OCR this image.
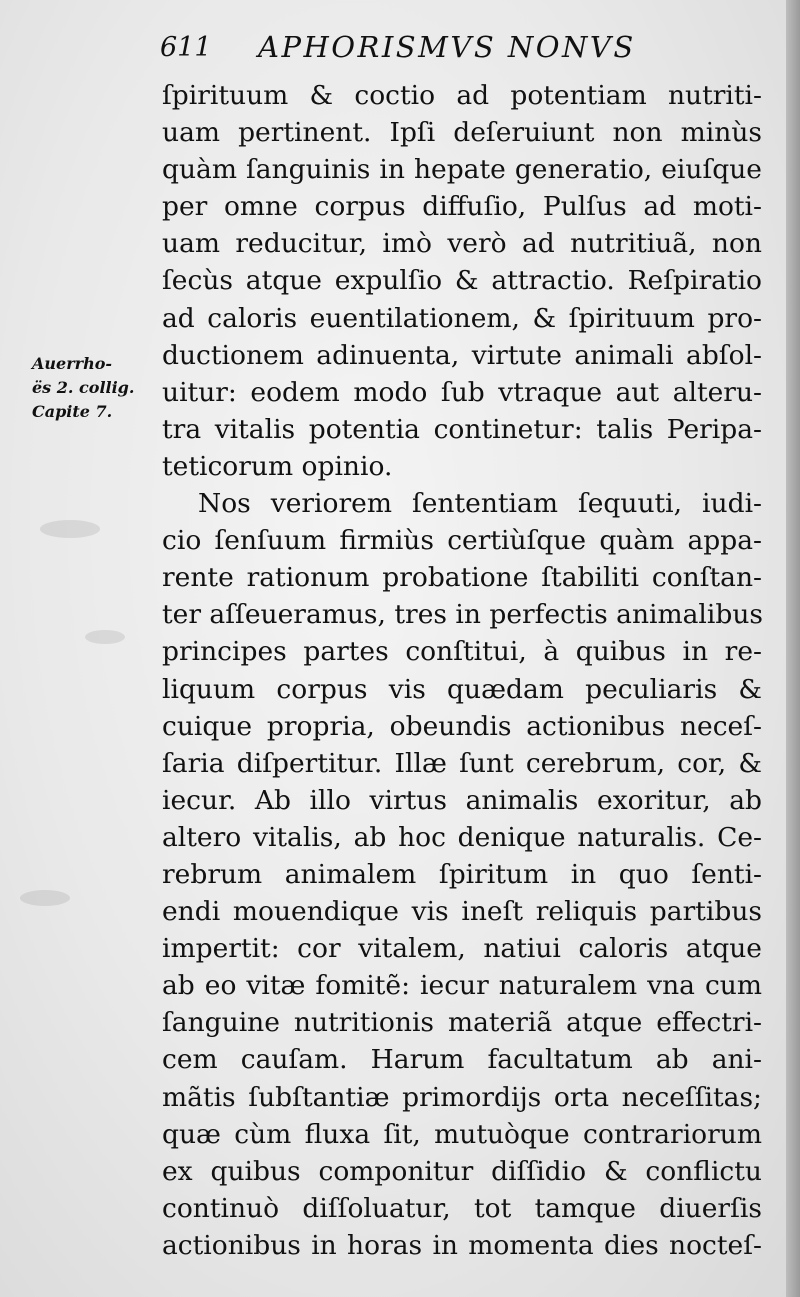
611 APHORISMVS NONVS
Auerrho-
ës 2. collig.
Capite 7.
ſpirituum & coctio ad potentiam nutriti-
uam pertinent. Ipſi deſeruiunt non minùs
quàm ſanguinis in hepate generatio, eiuſque
per omne corpus diffuſio, Pulſus ad moti-
uam reducitur, imò verò ad nutritiuã, non
ſecùs atque expulſio & attractio. Reſpiratio
ad caloris euentilationem, & ſpirituum pro-
ductionem adinuenta, virtute animali abſol-
uitur: eodem modo ſub vtraque aut alteru-
tra vitalis potentia continetur: talis Peripa-
teticorum opinio.
Nos veriorem ſententiam ſequuti, iudi-
cio ſenſuum firmiùs certiùſque quàm appa-
rente rationum probatione ſtabiliti conſtan-
ter aſſeueramus, tres in perfectis animalibus
principes partes conſtitui, à quibus in re-
liquum corpus vis quædam peculiaris &
cuique propria, obeundis actionibus neceſ-
ſaria diſpertitur. Illæ ſunt cerebrum, cor, &
iecur. Ab illo virtus animalis exoritur, ab
altero vitalis, ab hoc denique naturalis. Ce-
rebrum animalem ſpiritum in quo ſenti-
endi mouendique vis ineſt reliquis partibus
impertit: cor vitalem, natiui caloris atque
ab eo vitæ fomitẽ: iecur naturalem vna cum
ſanguine nutritionis materiã atque effectri-
cem cauſam. Harum facultatum ab ani-
mãtis ſubſtantiæ primordijs orta neceſſitas;
quæ cùm fluxa ſit, mutuòque contrariorum
ex quibus componitur diſſidio & conflictu
continuò diſſoluatur, tot tamque diuerſis
actionibus in horas in momenta dies nocteſ-
